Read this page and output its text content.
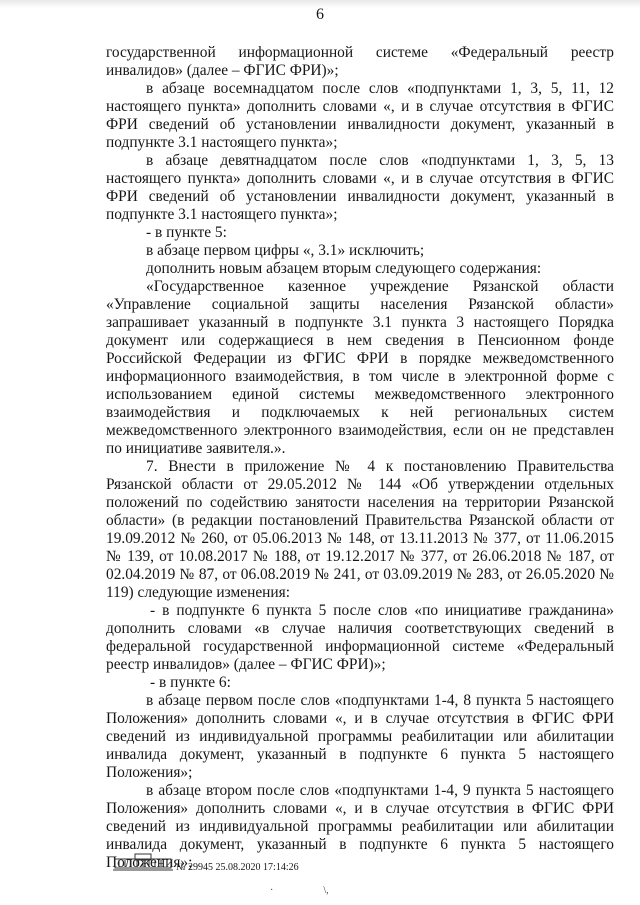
6

государственной информационной системе «Федеральный реестр инвалидов» (далее – ФГИС ФРИ)»;

в абзаце восемнадцатом после слов «подпунктами 1, 3, 5, 11, 12 настоящего пункта» дополнить словами «, и в случае отсутствия в ФГИС ФРИ сведений об установлении инвалидности документ, указанный в подпункте 3.1 настоящего пункта»;

в абзаце девятнадцатом после слов «подпунктами 1, 3, 5, 13 настоящего пункта» дополнить словами «, и в случае отсутствия в ФГИС ФРИ сведений об установлении инвалидности документ, указанный в подпункте 3.1 настоящего пункта»;

- в пункте 5:

в абзаце первом цифры «, 3.1» исключить;

дополнить новым абзацем вторым следующего содержания:

«Государственное казенное учреждение Рязанской области «Управление социальной защиты населения Рязанской области» запрашивает указанный в подпункте 3.1 пункта 3 настоящего Порядка документ или содержащиеся в нем сведения в Пенсионном фонде Российской Федерации из ФГИС ФРИ в порядке межведомственного информационного взаимодействия, в том числе в электронной форме с использованием единой системы межведомственного электронного взаимодействия и подключаемых к ней региональных систем межведомственного электронного взаимодействия, если он не представлен по инициативе заявителя.».

7. Внести в приложение № 4 к постановлению Правительства Рязанской области от 29.05.2012 № 144 «Об утверждении отдельных положений по содействию занятости населения на территории Рязанской области» (в редакции постановлений Правительства Рязанской области от 19.09.2012 № 260, от 05.06.2013 № 148, от 13.11.2013 № 377, от 11.06.2015 № 139, от 10.08.2017 № 188, от 19.12.2017 № 377, от 26.06.2018 № 187, от 02.04.2019 № 87, от 06.08.2019 № 241, от 03.09.2019 № 283, от 26.05.2020 № 119) следующие изменения:

- в подпункте 6 пункта 5 после слов «по инициативе гражданина» дополнить словами «в случае наличия соответствующих сведений в федеральной государственной информационной системе «Федеральный реестр инвалидов» (далее – ФГИС ФРИ)»;

- в пункте 6:

в абзаце первом после слов «подпунктами 1-4, 8 пункта 5 настоящего Положения» дополнить словами «, и в случае отсутствия в ФГИС ФРИ сведений из индивидуальной программы реабилитации или абилитации инвалида документ, указанный в подпункте 6 пункта 5 настоящего Положения»;

в абзаце втором после слов «подпунктами 1-4, 9 пункта 5 настоящего Положения» дополнить словами «, и в случае отсутствия в ФГИС ФРИ сведений из индивидуальной программы реабилитации или абилитации инвалида документ, указанный в подпункте 6 пункта 5 настоящего Положения»;

№ 29945 25.08.2020 17:14:26
·                    \,
